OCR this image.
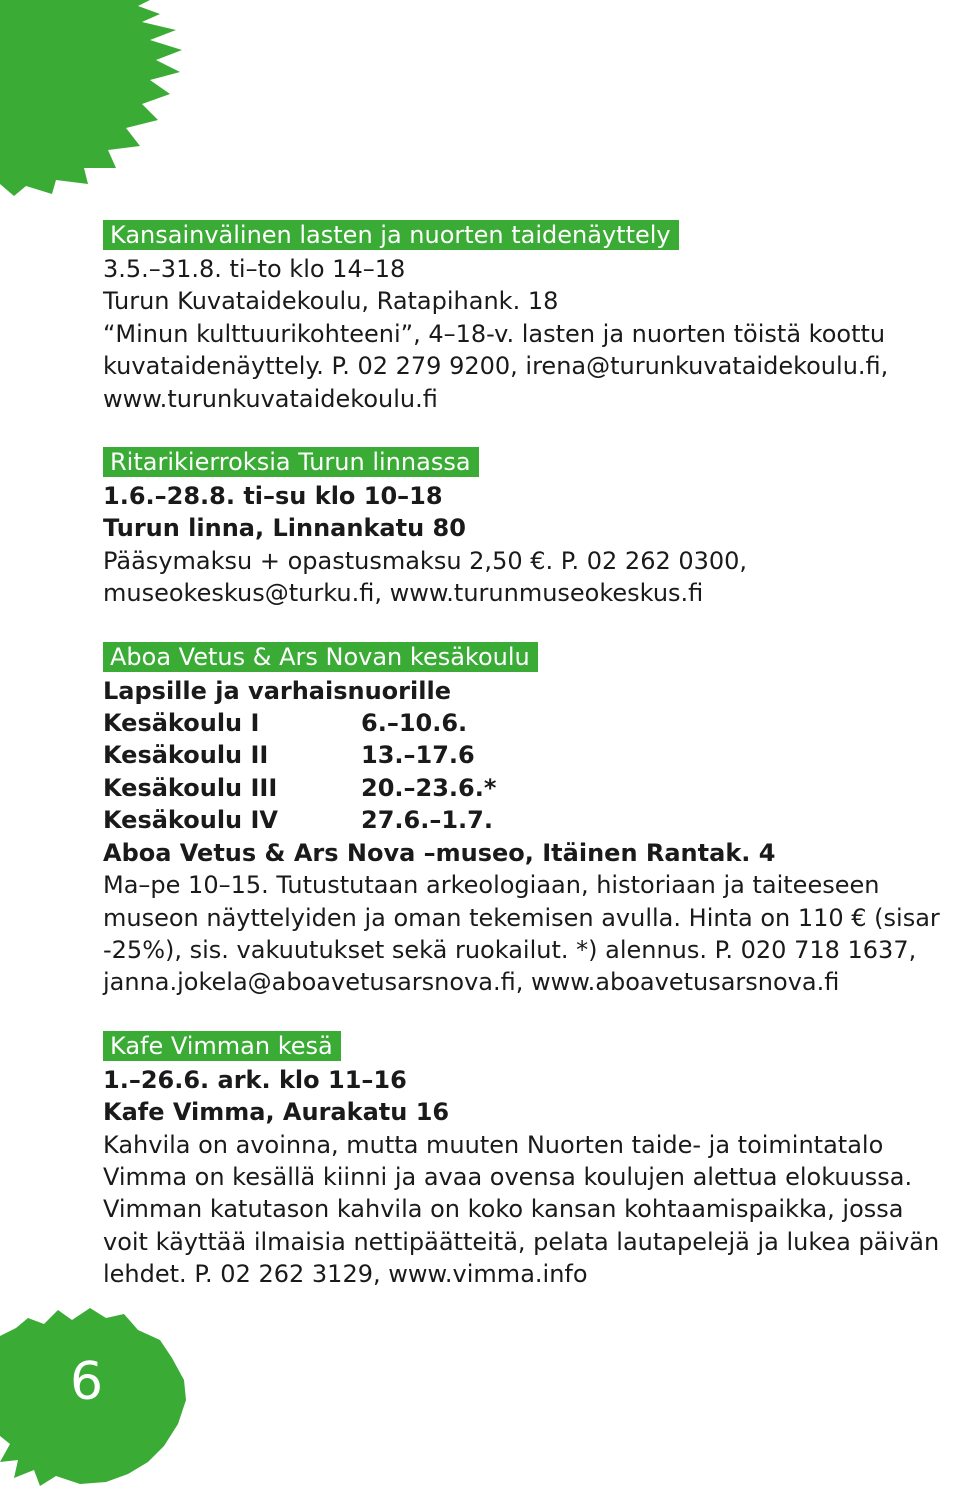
6
Kansainvälinen lasten ja nuorten taidenäyttely
3.5.–31.8. ti–to klo 14–18
Turun Kuvataidekoulu, Ratapihank. 18
“Minun kulttuurikohteeni”, 4–18-v. lasten ja nuorten töistä koottu kuvataidenäyttely. P. 02 279 9200, irena@turunkuvataidekoulu.fi, www.turunkuvataidekoulu.fi
Ritarikierroksia Turun linnassa
1.6.–28.8. ti–su klo 10–18
Turun linna, Linnankatu 80
Pääsymaksu + opastusmaksu 2,50 €. P. 02 262 0300, museokeskus@turku.fi, www.turunmuseokeskus.fi
Aboa Vetus & Ars Novan kesäkoulu
Lapsille ja varhaisnuorille
Kesäkoulu I	6.–10.6.
Kesäkoulu II	13.–17.6
Kesäkoulu III	20.–23.6.*
Kesäkoulu IV	27.6.–1.7.
Aboa Vetus & Ars Nova –museo, Itäinen Rantak. 4
Ma–pe 10–15. Tutustutaan arkeologiaan, historiaan ja taiteeseen museon näyttelyiden ja oman tekemisen avulla. Hinta on 110 € (sisar -25%), sis. vakuutukset sekä ruokailut. *) alennus. P. 020 718 1637, janna.jokela@aboavetusarsnova.fi, www.aboavetusarsnova.fi
Kafe Vimman kesä
1.–26.6. ark. klo 11–16
Kafe Vimma, Aurakatu 16
Kahvila on avoinna, mutta muuten Nuorten taide- ja toimintatalo Vimma on kesällä kiinni ja avaa ovensa koulujen alettua elokuussa. Vimman katutason kahvila on koko kansan kohtaamispaikka, jossa voit käyttää ilmaisia nettipäätteitä, pelata lautapelejä ja lukea päivän lehdet. P. 02 262 3129, www.vimma.info
